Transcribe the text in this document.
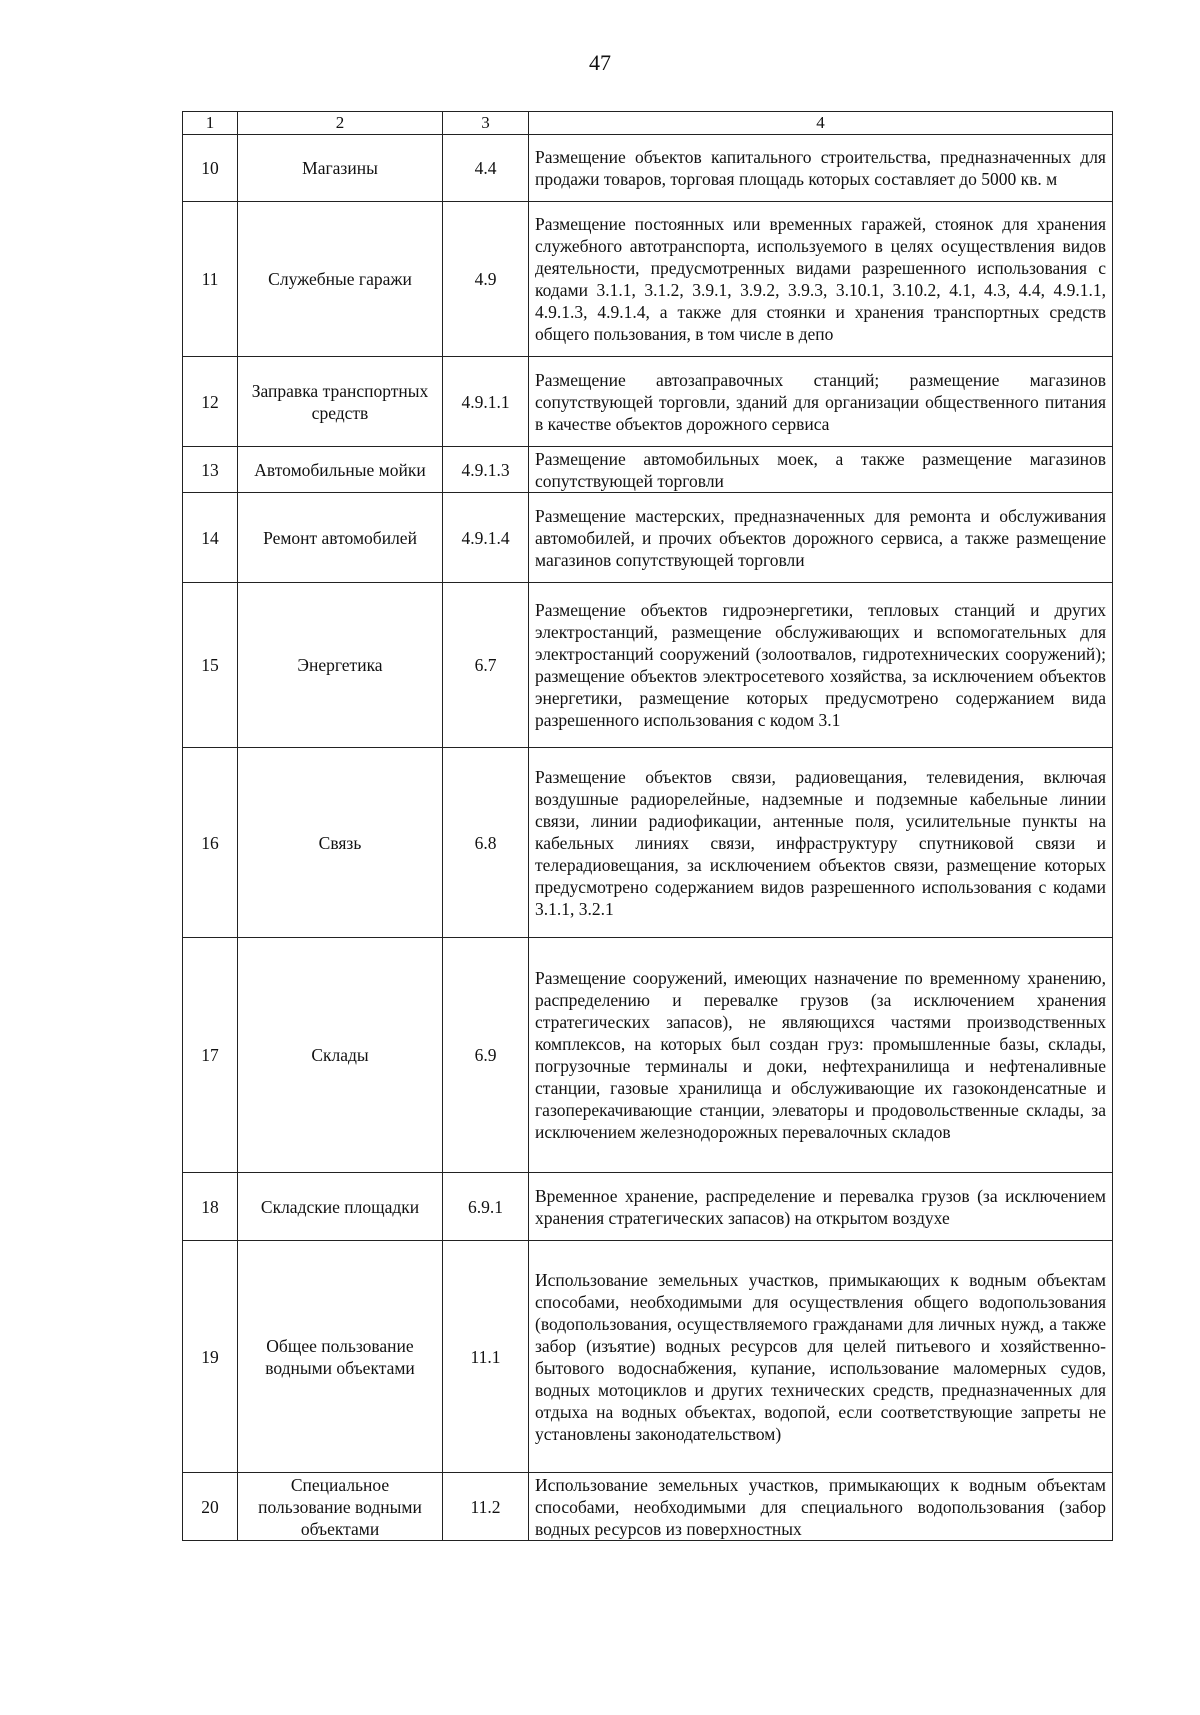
47
1	2	3	4
10	Магазины	4.4	Размещение объектов капитального строительства, предназначенных для продажи товаров, торговая площадь которых составляет до 5000 кв. м
11	Служебные гаражи	4.9	Размещение постоянных или временных гаражей, стоянок для хранения служебного автотранспорта, используемого в целях осуществления видов деятельности, предусмотренных видами разрешенного использования с кодами 3.1.1, 3.1.2, 3.9.1, 3.9.2, 3.9.3, 3.10.1, 3.10.2, 4.1, 4.3, 4.4, 4.9.1.1, 4.9.1.3, 4.9.1.4, а также для стоянки и хранения транспортных средств общего пользования, в том числе в депо
12	Заправка транспортных средств	4.9.1.1	Размещение автозаправочных станций; размещение магазинов сопутствующей торговли, зданий для организации общественного питания в качестве объектов дорожного сервиса
13	Автомобильные мойки	4.9.1.3	Размещение автомобильных моек, а также размещение магазинов сопутствующей торговли
14	Ремонт автомобилей	4.9.1.4	Размещение мастерских, предназначенных для ремонта и обслуживания автомобилей, и прочих объектов дорожного сервиса, а также размещение магазинов сопутствующей торговли
15	Энергетика	6.7	Размещение объектов гидроэнергетики, тепловых станций и других электростанций, размещение обслуживающих и вспомогательных для электростанций сооружений (золоотвалов, гидротехнических сооружений); размещение объектов электросетевого хозяйства, за исключением объектов энергетики, размещение которых предусмотрено содержанием вида разрешенного использования с кодом 3.1
16	Связь	6.8	Размещение объектов связи, радиовещания, телевидения, включая воздушные радиорелейные, надземные и подземные кабельные линии связи, линии радиофикации, антенные поля, усилительные пункты на кабельных линиях связи, инфраструктуру спутниковой связи и телерадиовещания, за исключением объектов связи, размещение которых предусмотрено содержанием видов разрешенного использования с кодами 3.1.1, 3.2.1
17	Склады	6.9	Размещение сооружений, имеющих назначение по временному хранению, распределению и перевалке грузов (за исключением хранения стратегических запасов), не являющихся частями производственных комплексов, на которых был создан груз: промышленные базы, склады, погрузочные терминалы и доки, нефтехранилища и нефтеналивные станции, газовые хранилища и обслуживающие их газоконденсатные и газоперекачивающие станции, элеваторы и продовольственные склады, за исключением железнодорожных перевалочных складов
18	Складские площадки	6.9.1	Временное хранение, распределение и перевалка грузов (за исключением хранения стратегических запасов) на открытом воздухе
19	Общее пользование водными объектами	11.1	Использование земельных участков, примыкающих к водным объектам способами, необходимыми для осуществления общего водопользования (водопользования, осуществляемого гражданами для личных нужд, а также забор (изъятие) водных ресурсов для целей питьевого и хозяйственно-бытового водоснабжения, купание, использование маломерных судов, водных мотоциклов и других технических средств, предназначенных для отдыха на водных объектах, водопой, если соответствующие запреты не установлены законодательством)
20	Специальное пользование водными объектами	11.2	Использование земельных участков, примыкающих к водным объектам способами, необходимыми для специального водопользования (забор водных ресурсов из поверхностных
